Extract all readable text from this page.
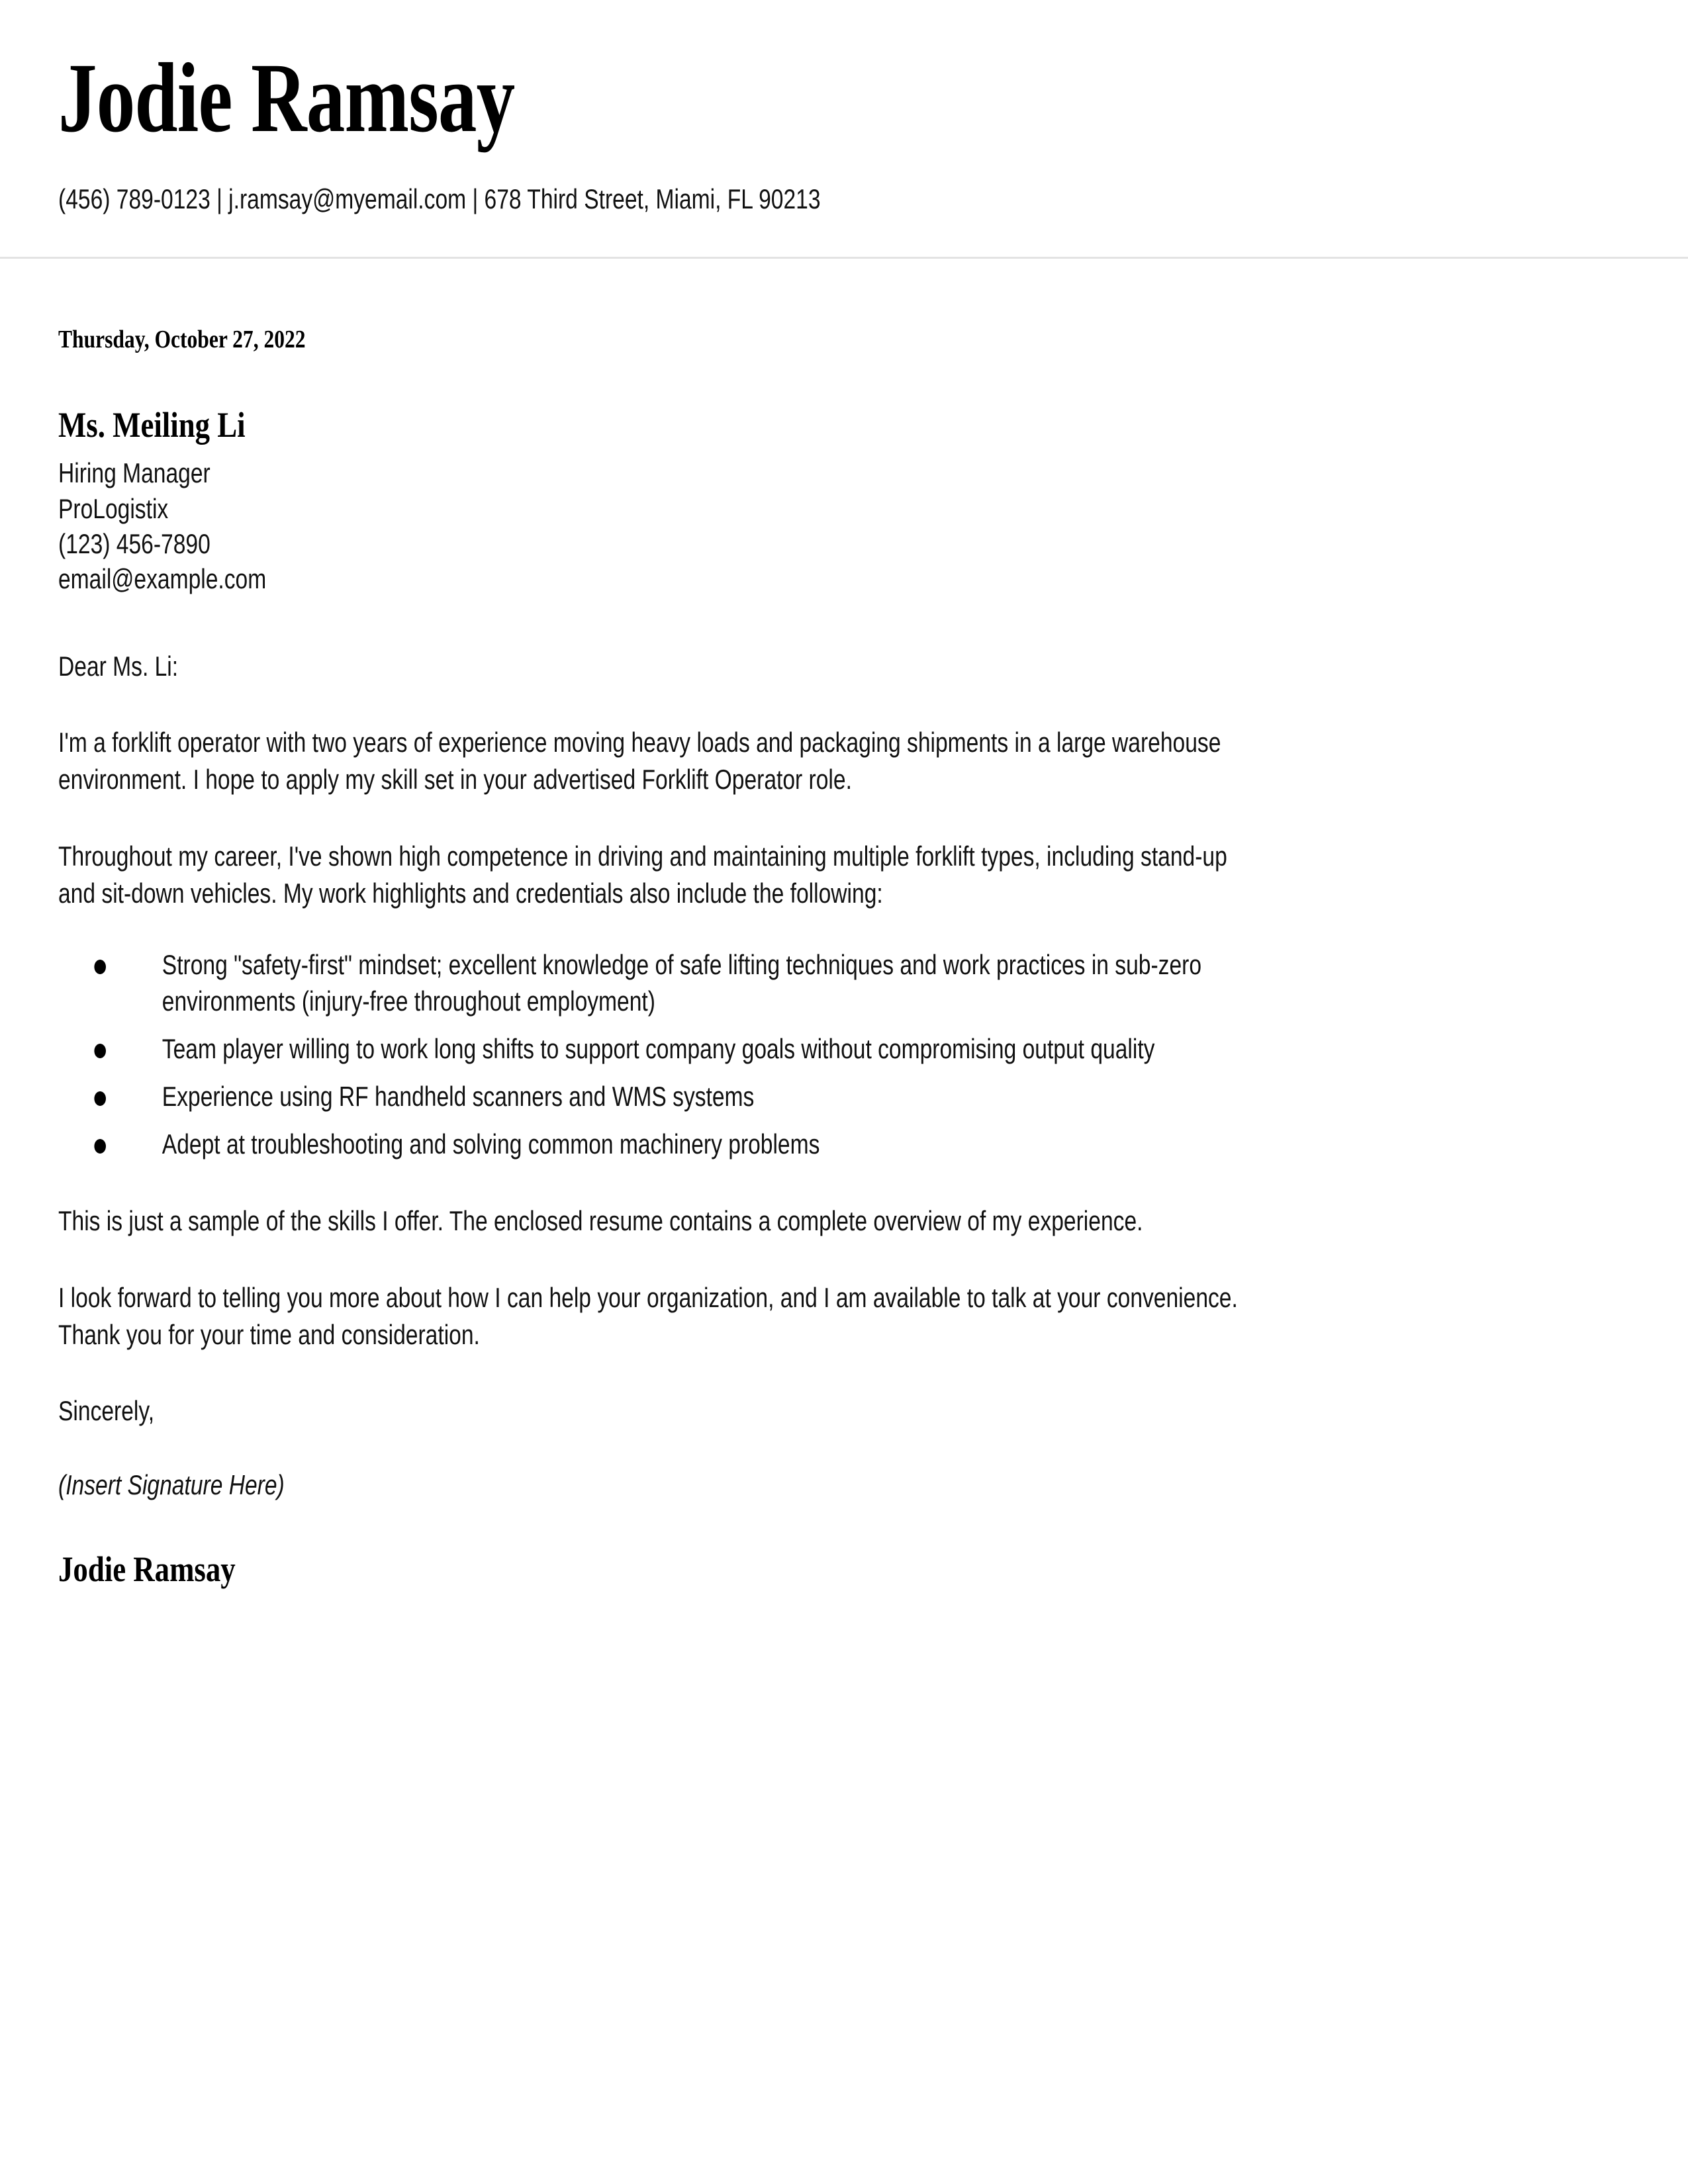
Jodie Ramsay
(456) 789-0123 | j.ramsay@myemail.com | 678 Third Street, Miami, FL 90213
Thursday, October 27, 2022
Ms. Meiling Li
Hiring Manager
ProLogistix
(123) 456-7890
email@example.com
Dear Ms. Li:

I'm a forklift operator with two years of experience moving heavy loads and packaging shipments in a large warehouse environment. I hope to apply my skill set in your advertised Forklift Operator role.

Throughout my career, I've shown high competence in driving and maintaining multiple forklift types, including stand-up and sit-down vehicles. My work highlights and credentials also include the following:

Strong "safety-first" mindset; excellent knowledge of safe lifting techniques and work practices in sub-zero environments (injury-free throughout employment)
Team player willing to work long shifts to support company goals without compromising output quality
Experience using RF handheld scanners and WMS systems
Adept at troubleshooting and solving common machinery problems

This is just a sample of the skills I offer. The enclosed resume contains a complete overview of my experience.

I look forward to telling you more about how I can help your organization, and I am available to talk at your convenience. Thank you for your time and consideration.

Sincerely,
(Insert Signature Here)
Jodie Ramsay
